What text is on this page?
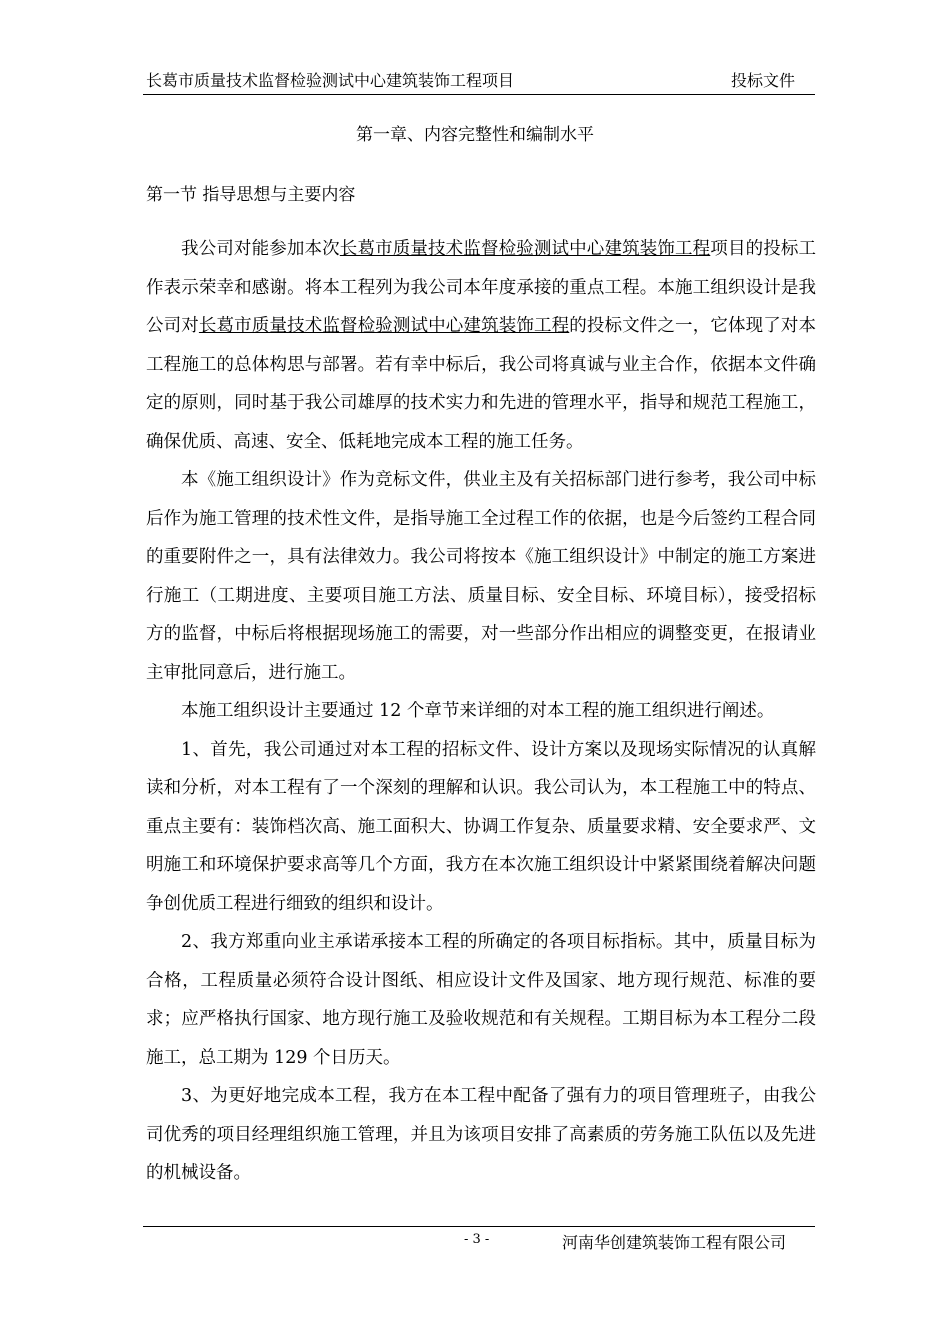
长葛市质量技术监督检验测试中心建筑装饰工程项目	投标文件
第一章、内容完整性和编制水平
第一节 指导思想与主要内容

我公司对能参加本次长葛市质量技术监督检验测试中心建筑装饰工程项目的投标工作表示荣幸和感谢。将本工程列为我公司本年度承接的重点工程。本施工组织设计是我公司对长葛市质量技术监督检验测试中心建筑装饰工程的投标文件之一，它体现了对本工程施工的总体构思与部署。若有幸中标后，我公司将真诚与业主合作，依据本文件确定的原则，同时基于我公司雄厚的技术实力和先进的管理水平，指导和规范工程施工，确保优质、高速、安全、低耗地完成本工程的施工任务。

本《施工组织设计》作为竞标文件，供业主及有关招标部门进行参考，我公司中标后作为施工管理的技术性文件，是指导施工全过程工作的依据，也是今后签约工程合同的重要附件之一，具有法律效力。我公司将按本《施工组织设计》中制定的施工方案进行施工（工期进度、主要项目施工方法、质量目标、安全目标、环境目标），接受招标方的监督，中标后将根据现场施工的需要，对一些部分作出相应的调整变更，在报请业主审批同意后，进行施工。

本施工组织设计主要通过 12 个章节来详细的对本工程的施工组织进行阐述。

1、首先，我公司通过对本工程的招标文件、设计方案以及现场实际情况的认真解读和分析，对本工程有了一个深刻的理解和认识。我公司认为，本工程施工中的特点、重点主要有：装饰档次高、施工面积大、协调工作复杂、质量要求精、安全要求严、文明施工和环境保护要求高等几个方面，我方在本次施工组织设计中紧紧围绕着解决问题争创优质工程进行细致的组织和设计。

2、我方郑重向业主承诺承接本工程的所确定的各项目标指标。其中，质量目标为合格，工程质量必须符合设计图纸、相应设计文件及国家、地方现行规范、标准的要求；应严格执行国家、地方现行施工及验收规范和有关规程。工期目标为本工程分二段施工，总工期为 129 个日历天。

3、为更好地完成本工程，我方在本工程中配备了强有力的项目管理班子，由我公司优秀的项目经理组织施工管理，并且为该项目安排了高素质的劳务施工队伍以及先进的机械设备。

- 3 -	河南华创建筑装饰工程有限公司
